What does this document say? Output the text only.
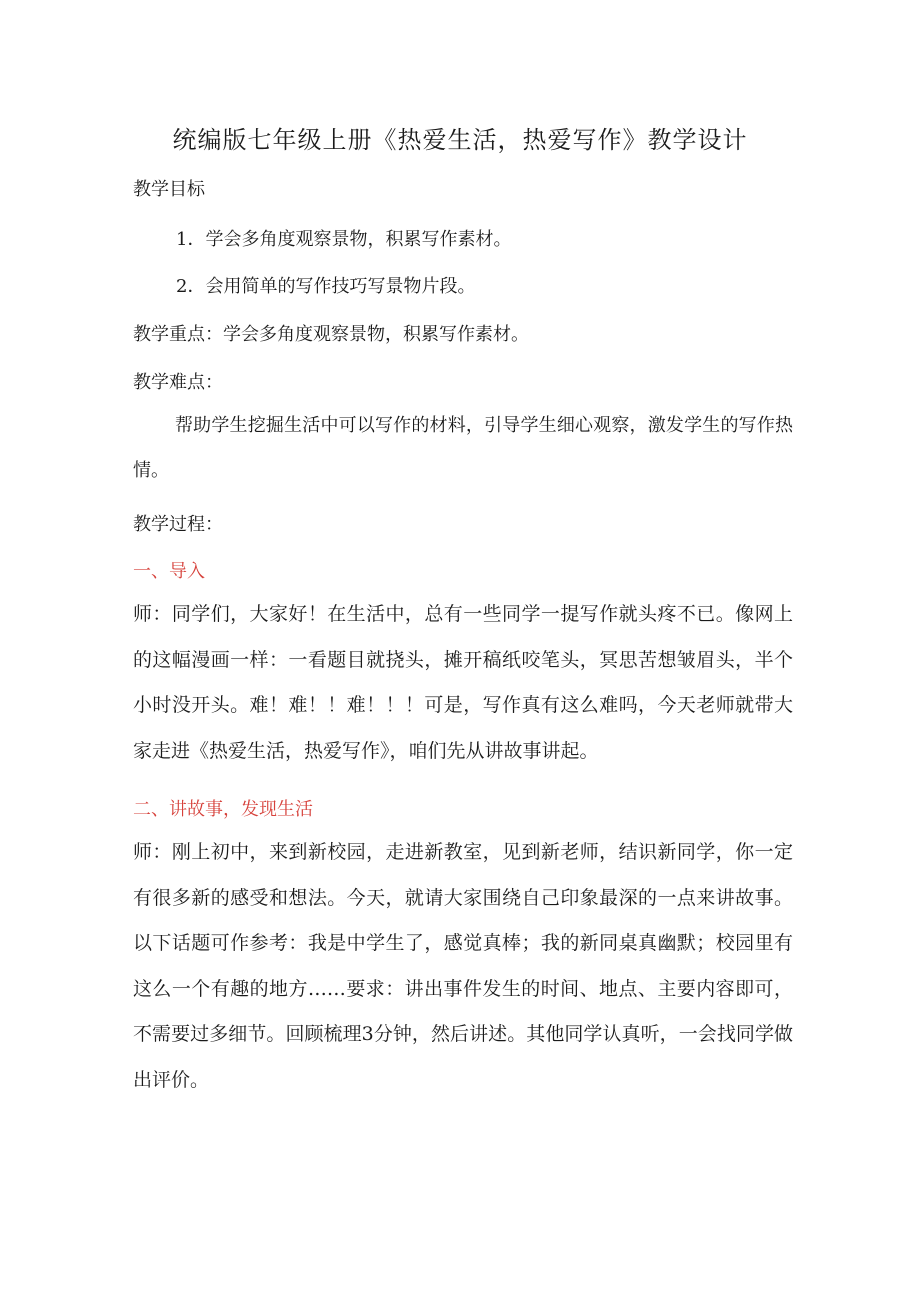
统编版七年级上册《热爱生活，热爱写作》教学设计
教学目标
1．学会多角度观察景物，积累写作素材。
2．会用简单的写作技巧写景物片段。
教学重点：学会多角度观察景物，积累写作素材。
教学难点：
帮助学生挖掘生活中可以写作的材料，引导学生细心观察，激发学生的写作热情。
教学过程：
一、导入
师：同学们，大家好！在生活中，总有一些同学一提写作就头疼不已。像网上的这幅漫画一样：一看题目就挠头，摊开稿纸咬笔头，冥思苦想皱眉头，半个小时没开头。难！难！！难！！！可是，写作真有这么难吗，今天老师就带大家走进《热爱生活，热爱写作》，咱们先从讲故事讲起。
二、讲故事，发现生活
师：刚上初中，来到新校园，走进新教室，见到新老师，结识新同学，你一定有很多新的感受和想法。今天，就请大家围绕自己印象最深的一点来讲故事。以下话题可作参考：我是中学生了，感觉真棒；我的新同桌真幽默；校园里有这么一个有趣的地方……要求：讲出事件发生的时间、地点、主要内容即可，不需要过多细节。回顾梳理3分钟，然后讲述。其他同学认真听，一会找同学做出评价。
